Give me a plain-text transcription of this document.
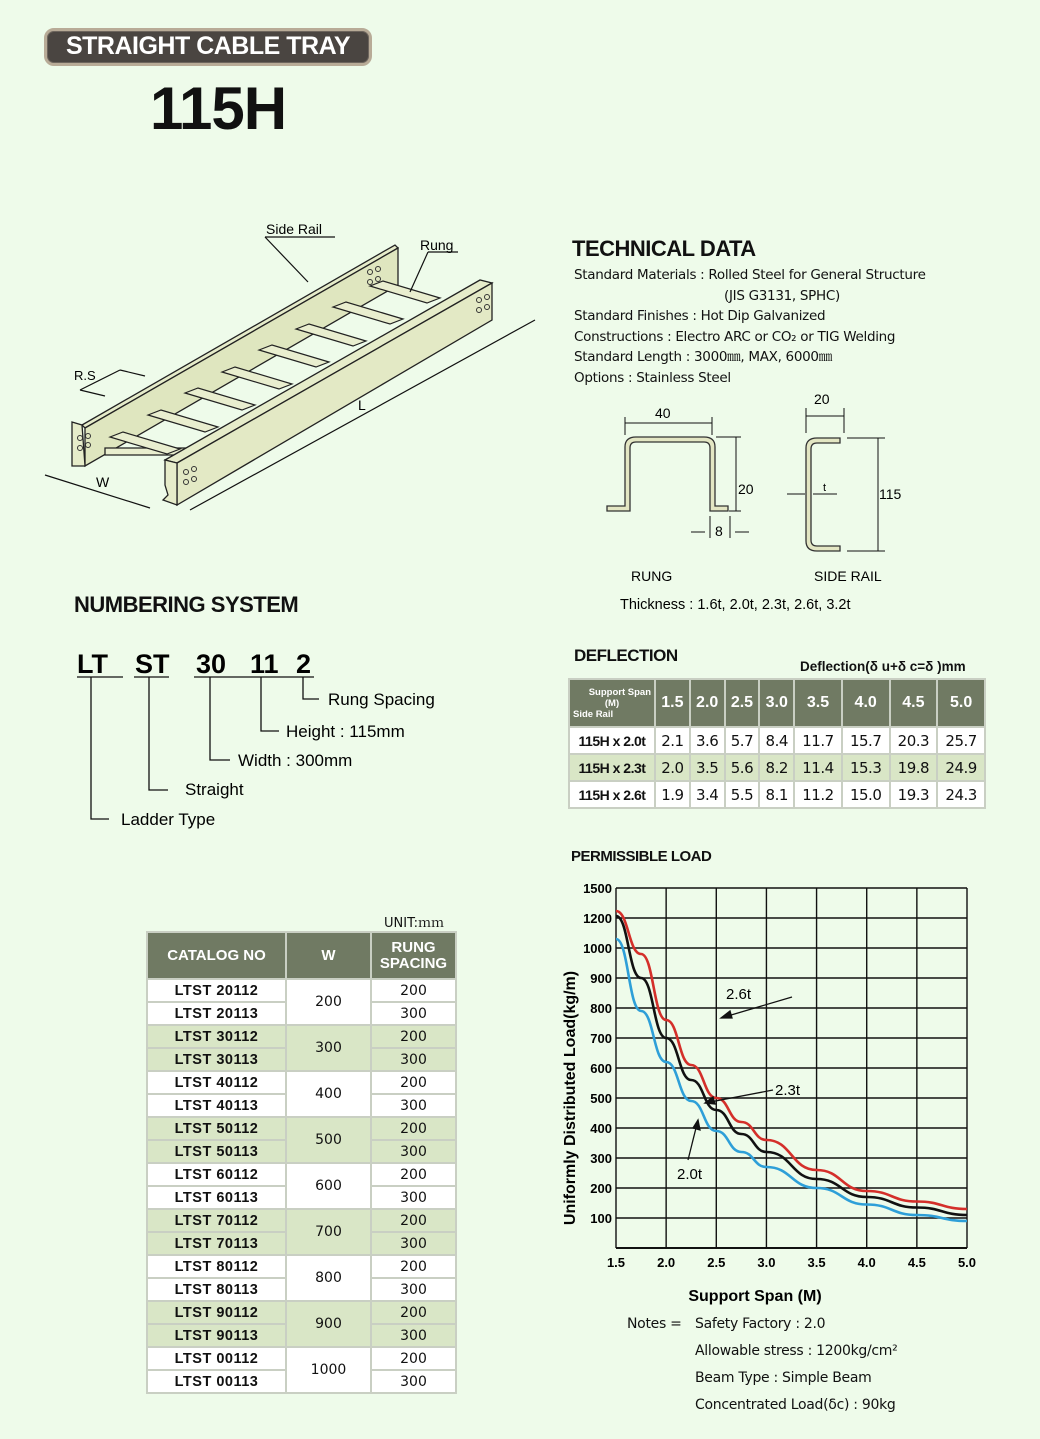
STRAIGHT CABLE TRAY
115H
Side Rail
Rung
R.S
L
W
TECHNICAL DATA
Standard Materials : Rolled Steel for General Structure
(JIS G3131, SPHC)
Standard Finishes : Hot Dip Galvanized
Constructions : Electro ARC or CO₂ or TIG Welding
Standard Length : 3000㎜, MAX, 6000㎜
Options : Stainless Steel
40
20
8
20
115
t
RUNG	SIDE RAIL
Thickness : 1.6t, 2.0t, 2.3t, 2.6t, 3.2t
NUMBERING SYSTEM
LT ST 30 11 2
Rung Spacing
Height : 115mm
Width : 300mm
Straight
Ladder Type
DEFLECTION
Deflection(δ u+δ c=δ )mm
Support Span
(M)
Side Rail	1.5	2.0	2.5	3.0	3.5	4.0	4.5	5.0
115H x 2.0t	2.1	3.6	5.7	8.4	11.7	15.7	20.3	25.7
115H x 2.3t	2.0	3.5	5.6	8.2	11.4	15.3	19.8	24.9
115H x 2.6t	1.9	3.4	5.5	8.1	11.2	15.0	19.3	24.3
UNIT:ｍｍ
CATALOG NO	W	RUNG
SPACING
LTST 20112	200	200
LTST 20113		300
LTST 30112	300	200
LTST 30113		300
LTST 40112	400	200
LTST 40113		300
LTST 50112	500	200
LTST 50113		300
LTST 60112	600	200
LTST 60113		300
LTST 70112	700	200
LTST 70113		300
LTST 80112	800	200
LTST 80113		300
LTST 90112	900	200
LTST 90113		300
LTST 00112	1000	200
LTST 00113		300
PERMISSIBLE LOAD
100
200
300
400
500
600
700
800
900
1000
1200
1500
1.5 2.0 2.5 3.0 3.5 4.0 4.5 5.0
2.6t
2.3t
2.0t
Support Span (M)
Uniformly Distributed Load(kg/m)
Notes = Safety Factory : 2.0
Allowable stress : 1200kg/cm²
Beam Type : Simple Beam
Concentrated Load(δc) : 90kg
